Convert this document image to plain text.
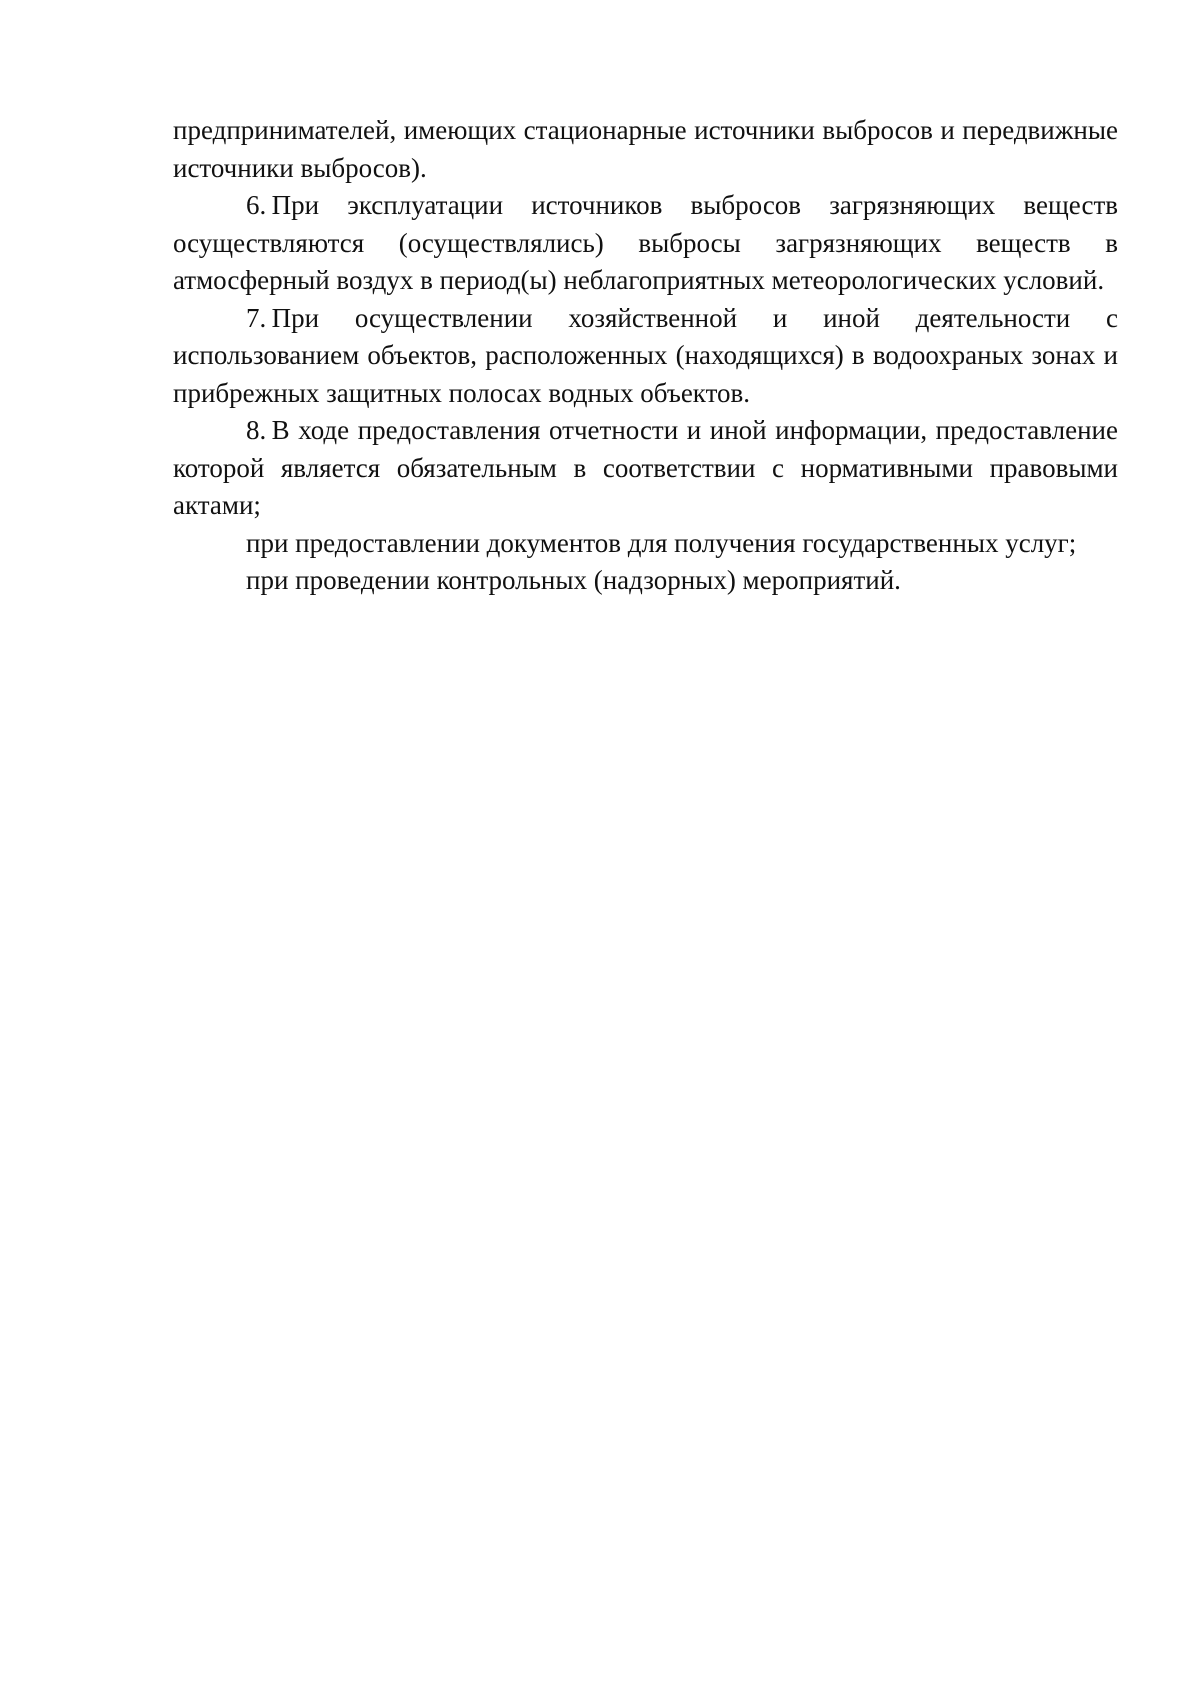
предпринимателей, имеющих стационарные источники выбросов и передвижные источники выбросов).

6.  При эксплуатации источников выбросов загрязняющих веществ осуществляются (осуществлялись) выбросы загрязняющих веществ в атмосферный воздух в период(ы) неблагоприятных метеорологических условий.

7.  При осуществлении хозяйственной и иной деятельности с использованием объектов, расположенных (находящихся) в водоохраных зонах и прибрежных защитных полосах водных объектов.

8.  В ходе предоставления отчетности и иной информации, предоставление которой является обязательным в соответствии с нормативными правовыми актами;

при предоставлении документов для получения государственных услуг;

при проведении контрольных (надзорных) мероприятий.
